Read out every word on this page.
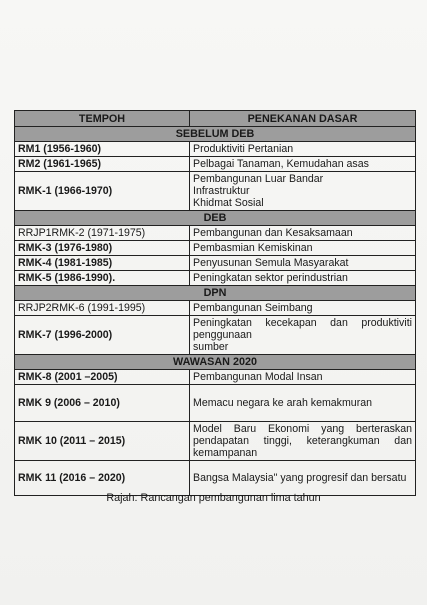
TEMPOH	PENEKANAN DASAR
SEBELUM DEB	
RM1 (1956-1960)	Produktiviti Pertanian

RM2 (1961-1965)	Pelbagai Tanaman, Kemudahan asas

RMK-1 (1966-1970)	Pembangunan Luar Bandar
Infrastruktur
Khidmat Sosial

DEB	
RRJP1RMK-2 (1971-1975)	Pembangunan dan Kesaksamaan

RMK-3 (1976-1980)	Pembasmian Kemiskinan

RMK-4 (1981-1985)	Penyusunan Semula Masyarakat

RMK-5 (1986-1990).	Peningkatan sektor perindustrian

DPN	
RRJP2RMK-6 (1991-1995)	Pembangunan Seimbang

RMK-7 (1996-2000)	Peningkatan kecekapan dan produktiviti penggunaan
sumber

WAWASAN 2020	
RMK-8 (2001 –2005)	Pembangunan Modal Insan

RMK 9 (2006 – 2010)	Memacu negara ke arah kemakmuran

RMK 10 (2011 – 2015)	Model Baru Ekonomi yang berteraskan pendapatan tinggi, keterangkuman dan kemampanan

RMK 11 (2016 – 2020)	Bangsa Malaysia" yang progresif dan bersatu
Rajah: Rancangan pembangunan lima tahun
